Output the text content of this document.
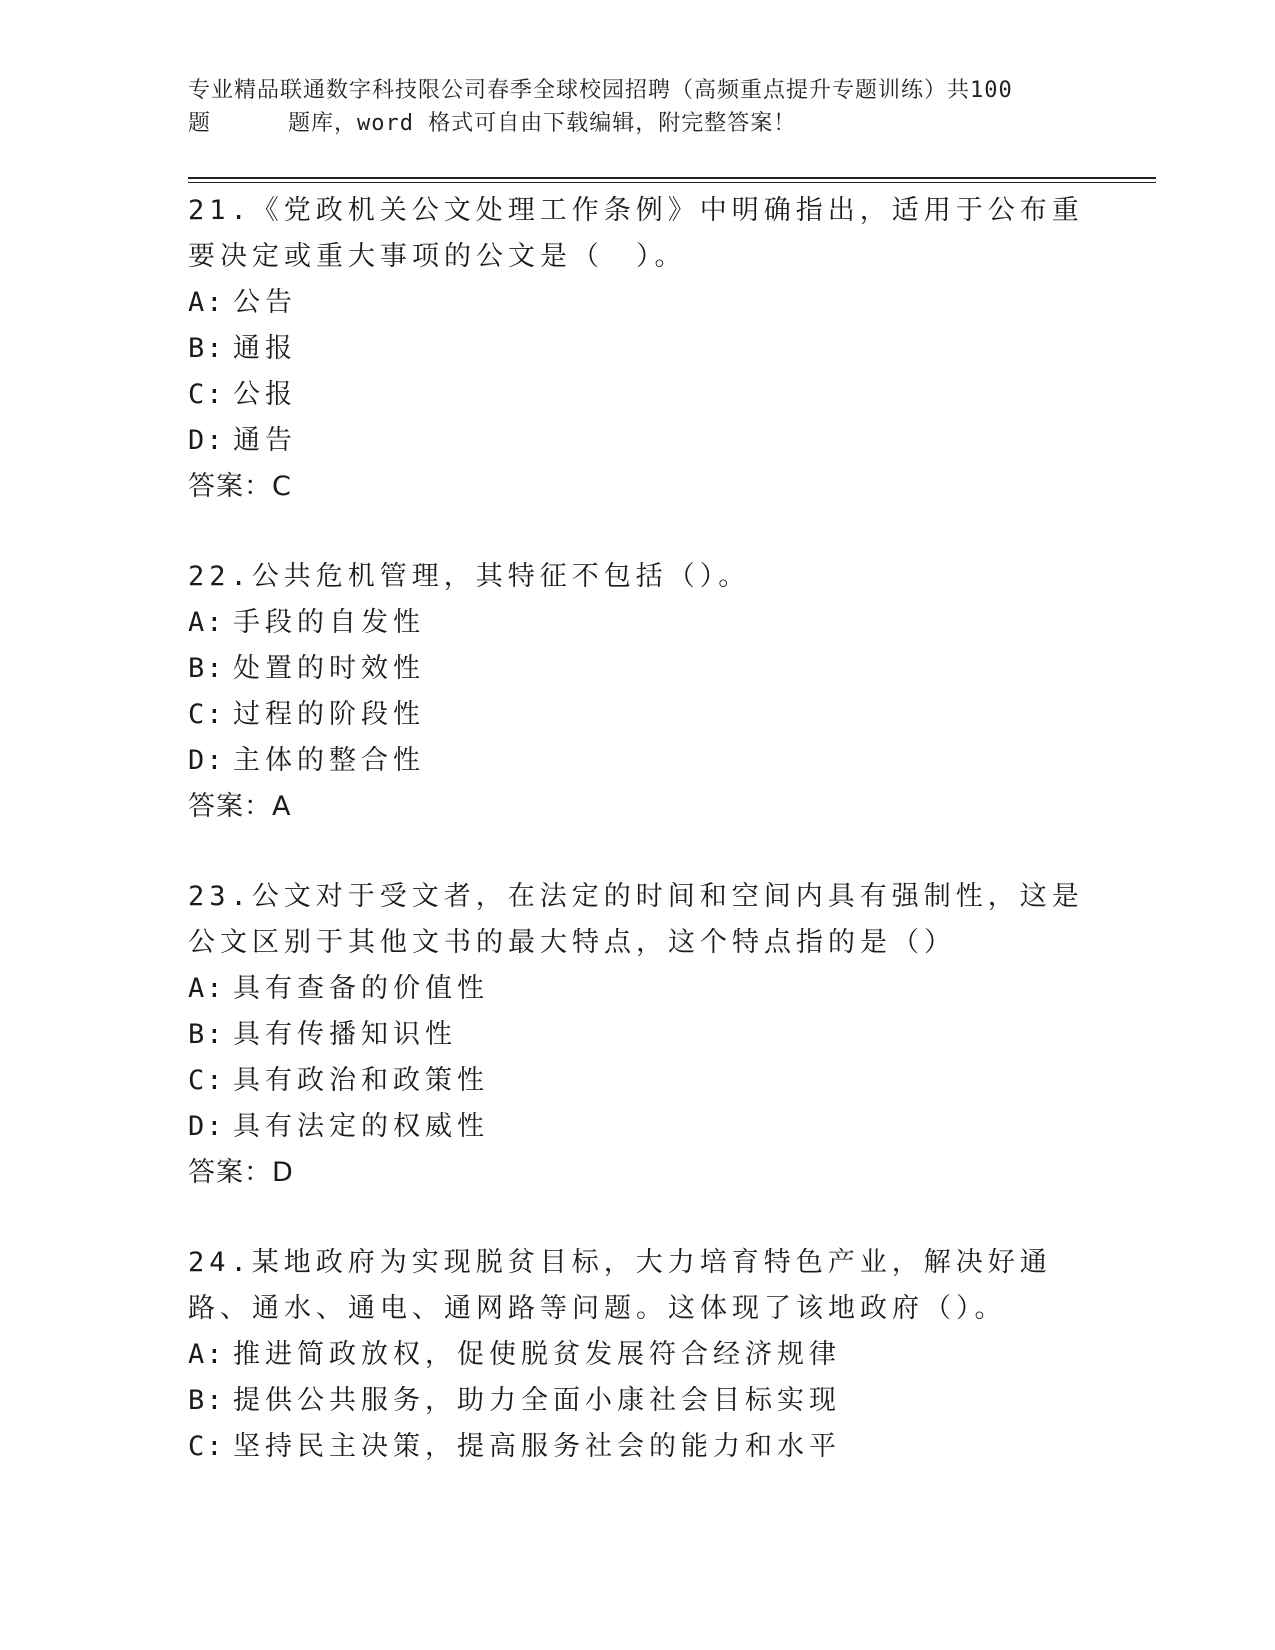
专业精品联通数字科技限公司春季全球校园招聘（高频重点提升专题训练）共100
题	题库，word 格式可自由下载编辑，附完整答案！

21.《党政机关公文处理工作条例》中明确指出，适用于公布重要决定或重大事项的公文是（　）。

A: 公告

B: 通报

C: 公报

D: 通告

答案：C

22.公共危机管理，其特征不包括（）。

A: 手段的自发性

B: 处置的时效性

C: 过程的阶段性

D: 主体的整合性

答案：A

23.公文对于受文者，在法定的时间和空间内具有强制性，这是公文区别于其他文书的最大特点，这个特点指的是（）

A: 具有查备的价值性

B: 具有传播知识性

C: 具有政治和政策性

D: 具有法定的权威性

答案：D

24.某地政府为实现脱贫目标，大力培育特色产业，解决好通路、通水、通电、通网路等问题。这体现了该地政府（）。

A: 推进简政放权，促使脱贫发展符合经济规律

B: 提供公共服务，助力全面小康社会目标实现

C: 坚持民主决策，提高服务社会的能力和水平
